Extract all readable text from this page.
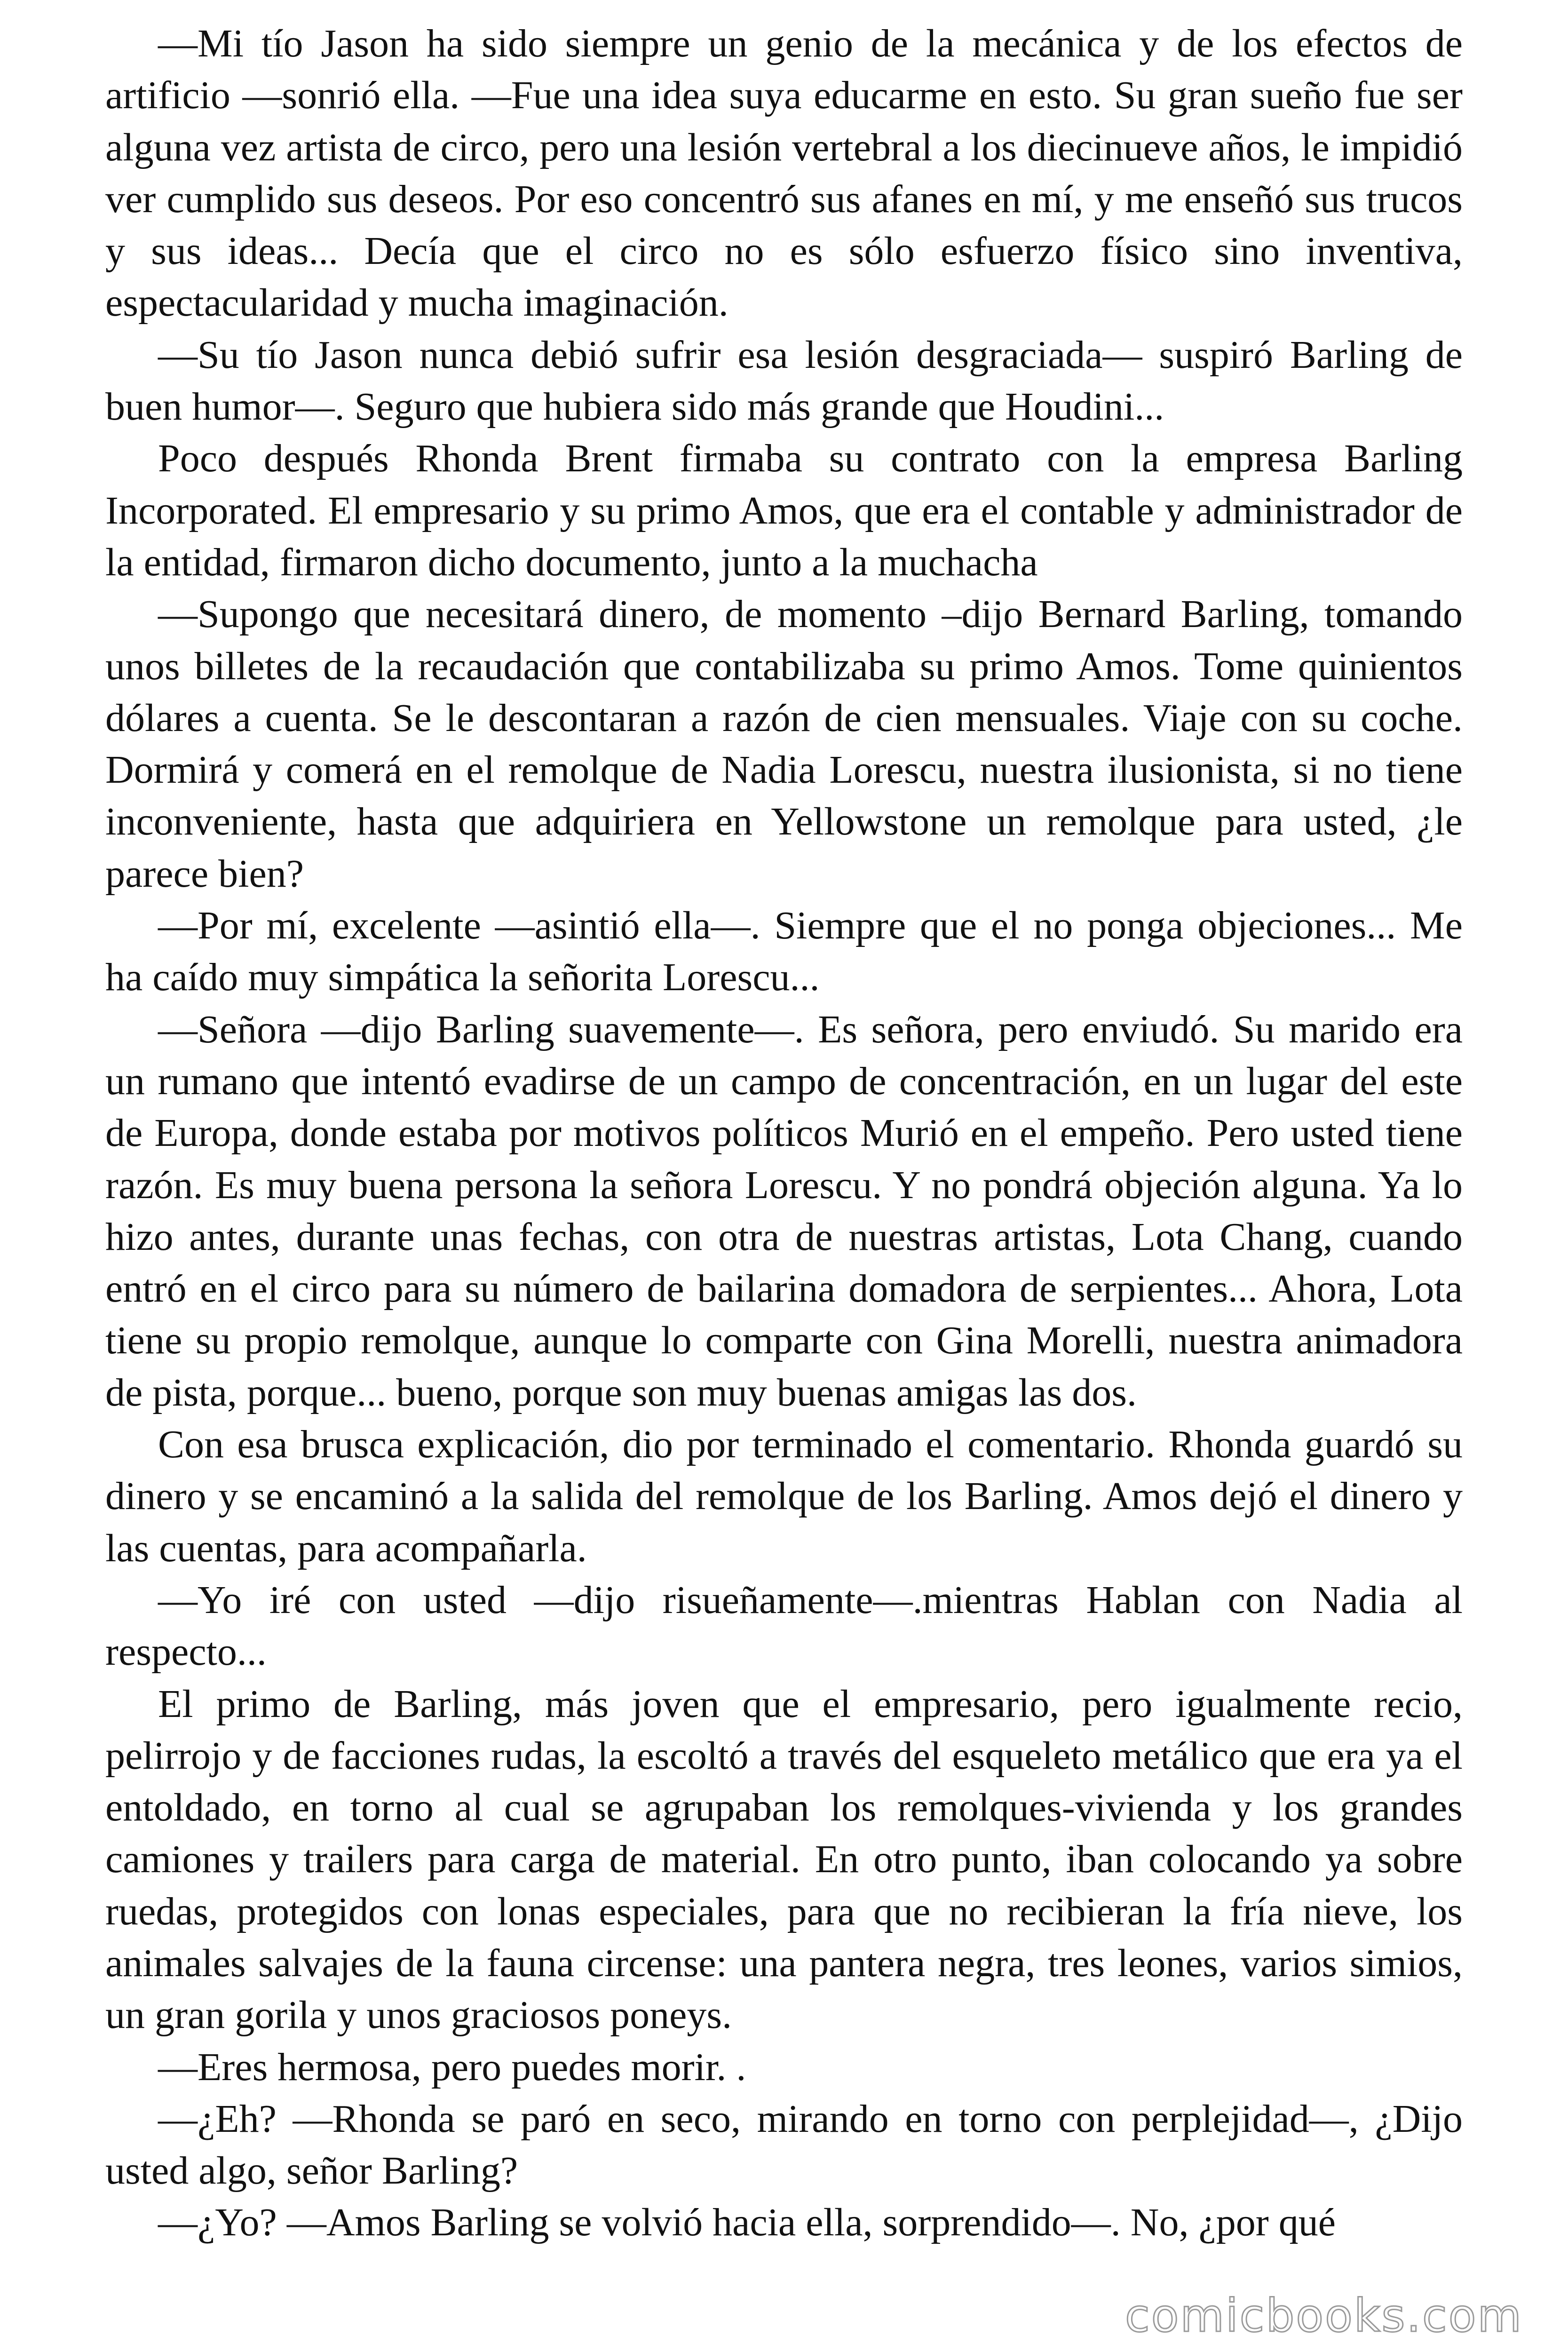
—Mi tío Jason ha sido siempre un genio de la mecánica y de los efectos de artificio —sonrió ella. —Fue una idea suya educarme en esto. Su gran sueño fue ser alguna vez artista de circo, pero una lesión vertebral a los diecinueve años, le impidió ver cumplido sus deseos. Por eso concentró sus afanes en mí, y me enseñó sus trucos y sus ideas... Decía que el circo no es sólo esfuerzo físico sino inventiva, espectacularidad y mucha imaginación.

—Su tío Jason nunca debió sufrir esa lesión desgraciada— suspiró Barling de buen humor—. Seguro que hubiera sido más grande que Houdini...

Poco después Rhonda Brent firmaba su contrato con la empresa Barling Incorporated. El empresario y su primo Amos, que era el contable y administrador de la entidad, firmaron dicho documento, junto a la muchacha

—Supongo que necesitará dinero, de momento –dijo Bernard Barling, tomando unos billetes de la recaudación que contabilizaba su primo Amos. Tome quinientos dólares a cuenta. Se le descontaran a razón de cien mensuales. Viaje con su coche. Dormirá y comerá en el remolque de Nadia Lorescu, nuestra ilusionista, si no tiene inconveniente, hasta que adquiriera en Yellowstone un remolque para usted, ¿le parece bien?

—Por mí, excelente —asintió ella—. Siempre que el no ponga objeciones... Me ha caído muy simpática la señorita Lorescu...

—Señora —dijo Barling suavemente—. Es señora, pero enviudó. Su marido era un rumano que intentó evadirse de un campo de concentración, en un lugar del este de Europa, donde estaba por motivos políticos Murió en el empeño. Pero usted tiene razón. Es muy buena persona la señora Lorescu. Y no pondrá objeción alguna. Ya lo hizo antes, durante unas fechas, con otra de nuestras artistas, Lota Chang, cuando entró en el circo para su número de bailarina domadora de serpientes... Ahora, Lota tiene su propio remolque, aunque lo comparte con Gina Morelli, nuestra animadora de pista, porque... bueno, porque son muy buenas amigas las dos.

Con esa brusca explicación, dio por terminado el comentario. Rhonda guardó su dinero y se encaminó a la salida del remolque de los Barling. Amos dejó el dinero y las cuentas, para acompañarla.

—Yo iré con usted —dijo risueñamente—.mientras Hablan con Nadia al respecto...

El primo de Barling, más joven que el empresario, pero igualmente recio, pelirrojo y de facciones rudas, la escoltó a través del esqueleto metálico que era ya el entoldado, en torno al cual se agrupaban los remolques-vivienda y los grandes camiones y trailers para carga de material. En otro punto, iban colocando ya sobre ruedas, protegidos con lonas especiales, para que no recibieran la fría nieve, los animales salvajes de la fauna circense: una pantera negra, tres leones, varios simios, un gran gorila y unos graciosos poneys.

—Eres hermosa, pero puedes morir. .

—¿Eh? —Rhonda se paró en seco, mirando en torno con perplejidad—, ¿Dijo usted algo, señor Barling?

—¿Yo? —Amos Barling se volvió hacia ella, sorprendido—. No, ¿por qué

comicbooks.com
